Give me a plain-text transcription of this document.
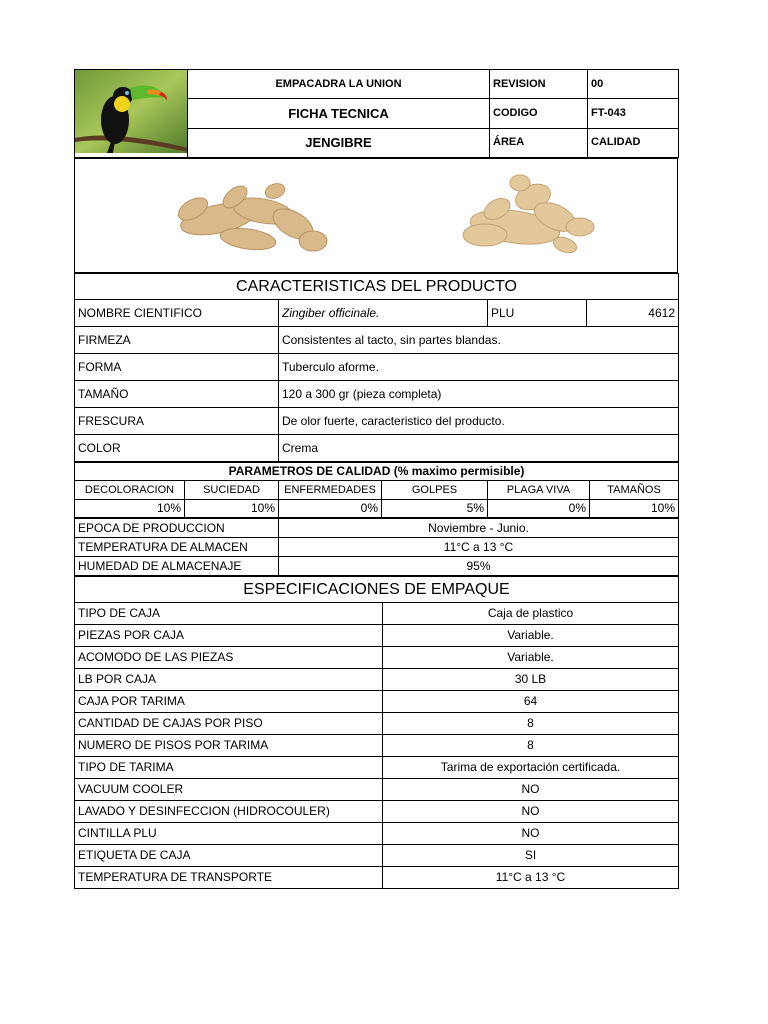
	EMPACADRA LA UNION	REVISION	00
	FICHA TECNICA	CODIGO	FT-043
	JENGIBRE	ÁREA	CALIDAD
CARACTERISTICAS DEL PRODUCTO			
NOMBRE CIENTIFICO	Zingiber officinale.	PLU	4612
FIRMEZA	Consistentes al tacto, sin partes blandas.		
FORMA	Tuberculo aforme.		
TAMAÑO	120 a 300 gr (pieza completa)		
FRESCURA	De olor fuerte, caracteristico del producto.		
COLOR	Crema		
PARAMETROS DE CALIDAD (% maximo permisible)					
DECOLORACION	SUCIEDAD	ENFERMEDADES	GOLPES	PLAGA VIVA	TAMAÑOS
10%	10%	0%	5%	0%	10%
EPOCA DE PRODUCCION	Noviembre - Junio.
TEMPERATURA DE ALMACEN	11°C a 13 °C
HUMEDAD DE ALMACENAJE	95%
ESPECIFICACIONES DE EMPAQUE	
TIPO DE CAJA	Caja de plastico
PIEZAS POR CAJA	Variable.
ACOMODO DE LAS PIEZAS	Variable.
LB POR CAJA	30 LB
CAJA POR TARIMA	64
CANTIDAD DE CAJAS POR PISO	8
NUMERO DE PISOS POR TARIMA	8
TIPO DE TARIMA	Tarima de exportación certificada.
VACUUM COOLER	NO
LAVADO Y DESINFECCION (HIDROCOULER)	NO
CINTILLA PLU	NO
ETIQUETA DE CAJA	SI
TEMPERATURA DE TRANSPORTE	11°C a 13 °C
